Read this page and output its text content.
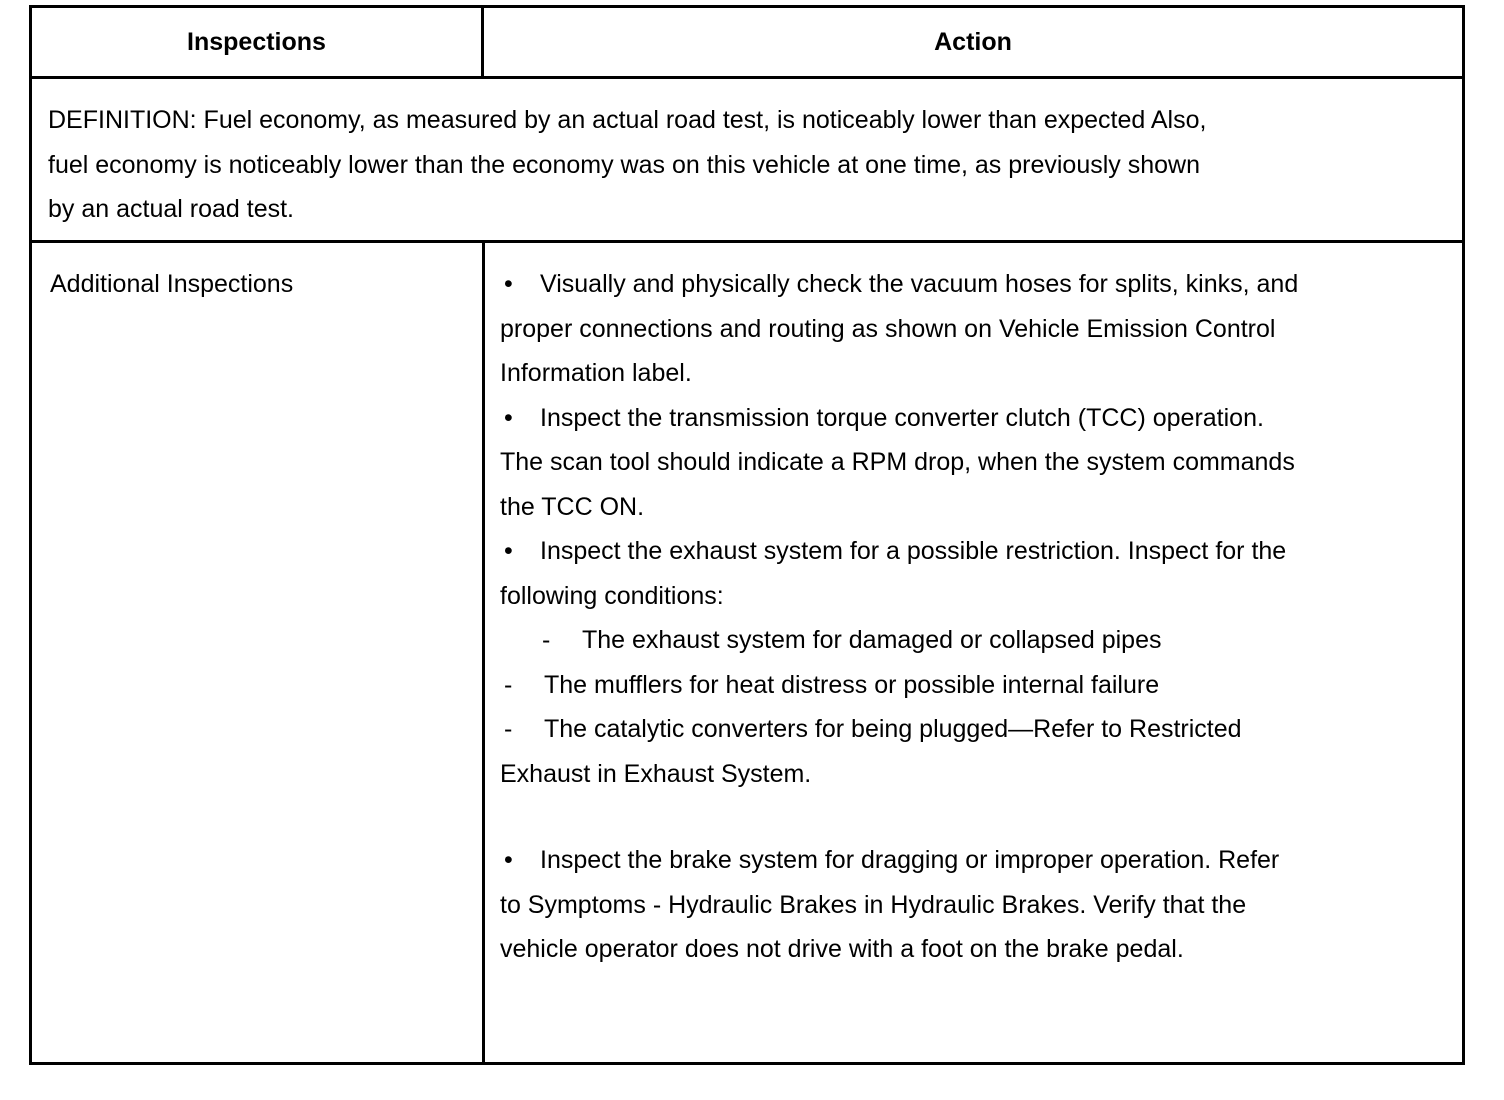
Inspections	Action
DEFINITION: Fuel economy, as measured by an actual road test, is noticeably lower than expected Also,
fuel economy is noticeably lower than the economy was on this vehicle at one time, as previously shown
by an actual road test.
Additional Inspections	• Visually and physically check the vacuum hoses for splits, kinks, and
proper connections and routing as shown on Vehicle Emission Control
Information label.
• Inspect the transmission torque converter clutch (TCC) operation.
The scan tool should indicate a RPM drop, when the system commands
the TCC ON.
• Inspect the exhaust system for a possible restriction. Inspect for the
following conditions:
- The exhaust system for damaged or collapsed pipes
- The mufflers for heat distress or possible internal failure
- The catalytic converters for being plugged—Refer to Restricted
Exhaust in Exhaust System.
• Inspect the brake system for dragging or improper operation. Refer
to Symptoms - Hydraulic Brakes in Hydraulic Brakes. Verify that the
vehicle operator does not drive with a foot on the brake pedal.
